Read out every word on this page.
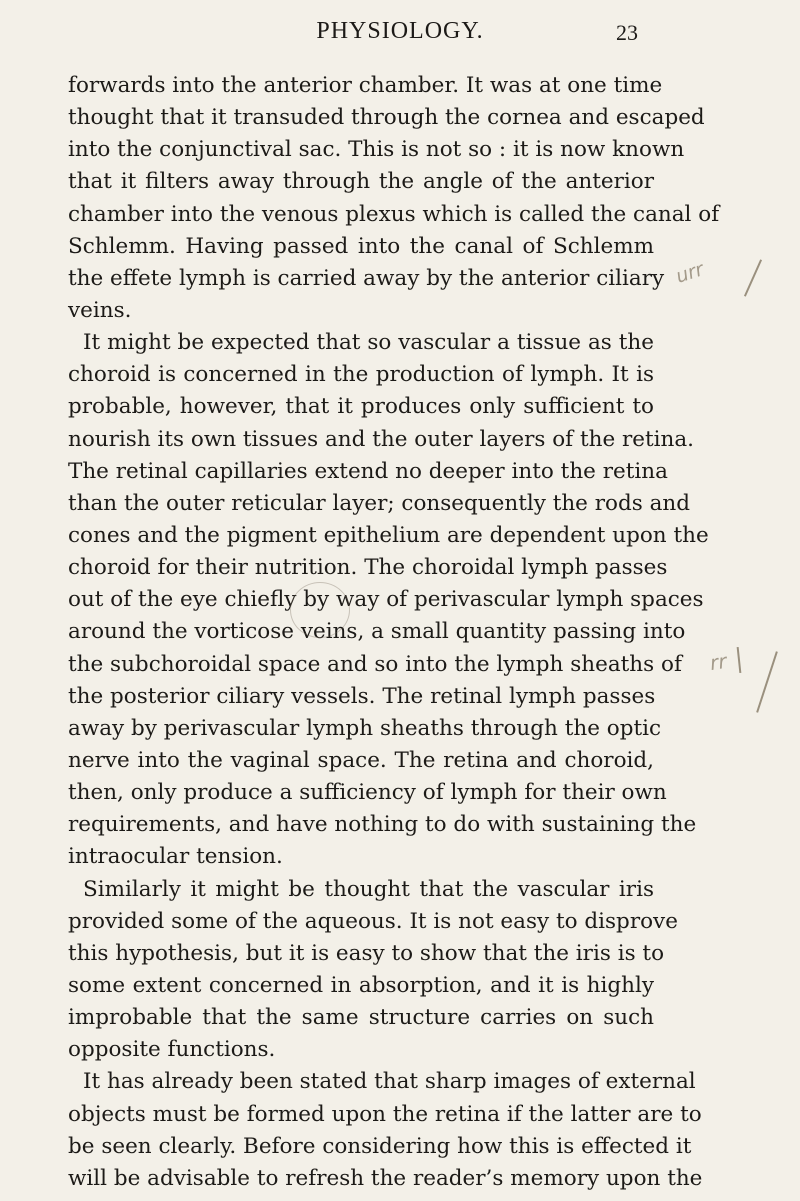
PHYSIOLOGY.	23
forwards into the anterior chamber. It was at one time
thought that it transuded through the cornea and escaped
into the conjunctival sac. This is not so : it is now known
that it filters away through the angle of the anterior
chamber into the venous plexus which is called the canal of
Schlemm. Having passed into the canal of Schlemm
the effete lymph is carried away by the anterior ciliary
veins.
It might be expected that so vascular a tissue as the
choroid is concerned in the production of lymph. It is
probable, however, that it produces only sufficient to
nourish its own tissues and the outer layers of the retina.
The retinal capillaries extend no deeper into the retina
than the outer reticular layer; consequently the rods and
cones and the pigment epithelium are dependent upon the
choroid for their nutrition. The choroidal lymph passes
out of the eye chiefly by way of perivascular lymph spaces
around the vorticose veins, a small quantity passing into
the subchoroidal space and so into the lymph sheaths of
the posterior ciliary vessels. The retinal lymph passes
away by perivascular lymph sheaths through the optic
nerve into the vaginal space. The retina and choroid,
then, only produce a sufficiency of lymph for their own
requirements, and have nothing to do with sustaining the
intraocular tension.
Similarly it might be thought that the vascular iris
provided some of the aqueous. It is not easy to disprove
this hypothesis, but it is easy to show that the iris is to
some extent concerned in absorption, and it is highly
improbable that the same structure carries on such
opposite functions.
It has already been stated that sharp images of external
objects must be formed upon the retina if the latter are to
be seen clearly. Before considering how this is effected it
will be advisable to refresh the reader’s memory upon the
urr
rr
